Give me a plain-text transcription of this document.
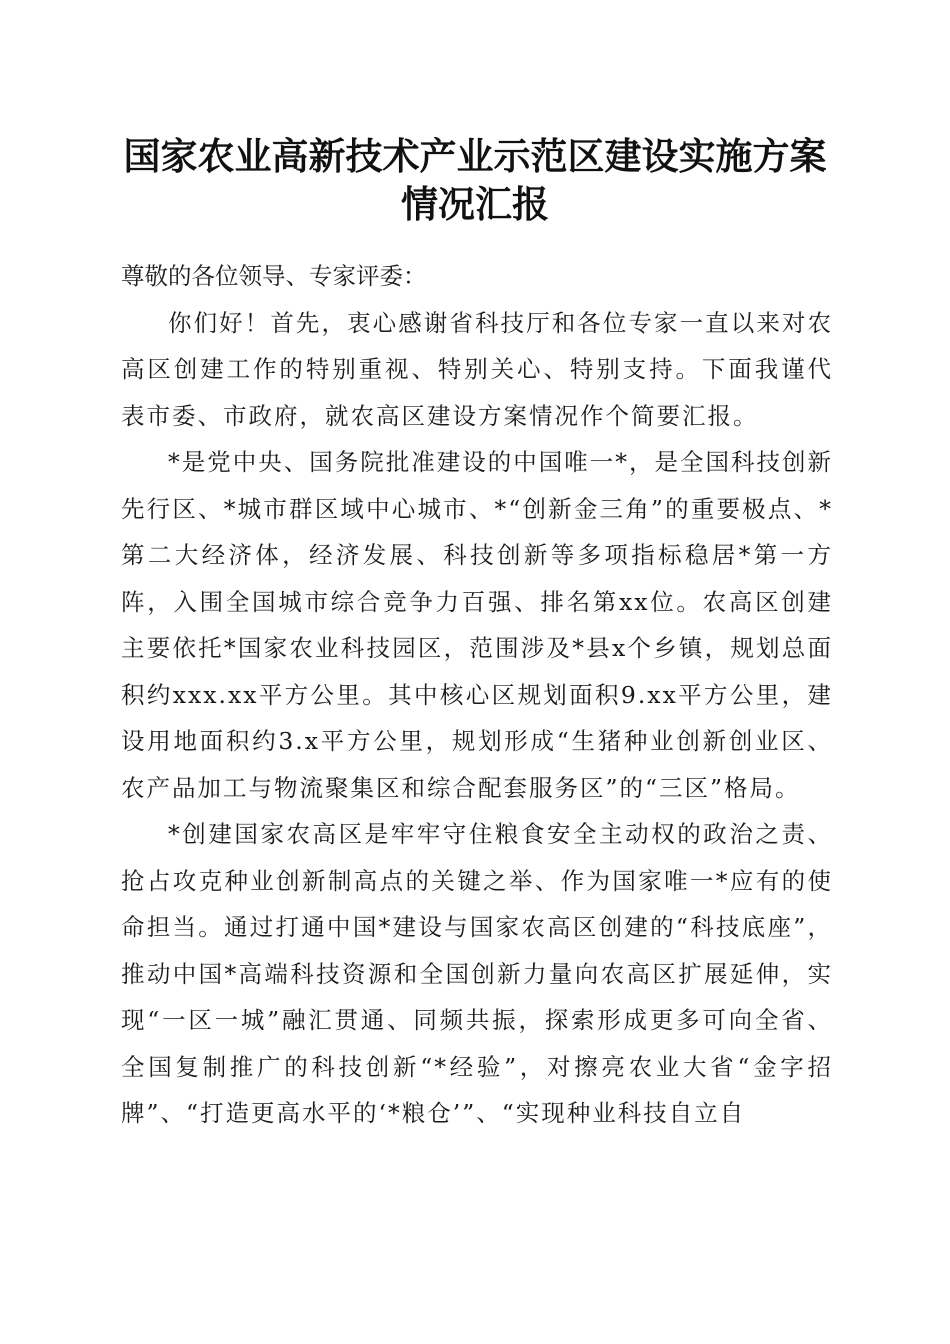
国家农业高新技术产业示范区建设实施方案情况汇报

尊敬的各位领导、专家评委：

你们好！首先，衷心感谢省科技厅和各位专家一直以来对农高区创建工作的特别重视、特别关心、特别支持。下面我谨代表市委、市政府，就农高区建设方案情况作个简要汇报。

*是党中央、国务院批准建设的中国唯一*，是全国科技创新先行区、*城市群区域中心城市、*“创新金三角”的重要极点、*第二大经济体，经济发展、科技创新等多项指标稳居*第一方阵，入围全国城市综合竞争力百强、排名第xx位。农高区创建主要依托*国家农业科技园区，范围涉及*县x个乡镇，规划总面积约xxx.xx平方公里。其中核心区规划面积9.xx平方公里，建设用地面积约3.x平方公里，规划形成“生猪种业创新创业区、农产品加工与物流聚集区和综合配套服务区”的“三区”格局。

*创建国家农高区是牢牢守住粮食安全主动权的政治之责、抢占攻克种业创新制高点的关键之举、作为国家唯一*应有的使命担当。通过打通中国*建设与国家农高区创建的“科技底座”，推动中国*高端科技资源和全国创新力量向农高区扩展延伸，实现“一区一城”融汇贯通、同频共振，探索形成更多可向全省、全国复制推广的科技创新“*经验”，对擦亮农业大省“金字招牌”、“打造更高水平的‘*粮仓’”、“实现种业科技自立自
